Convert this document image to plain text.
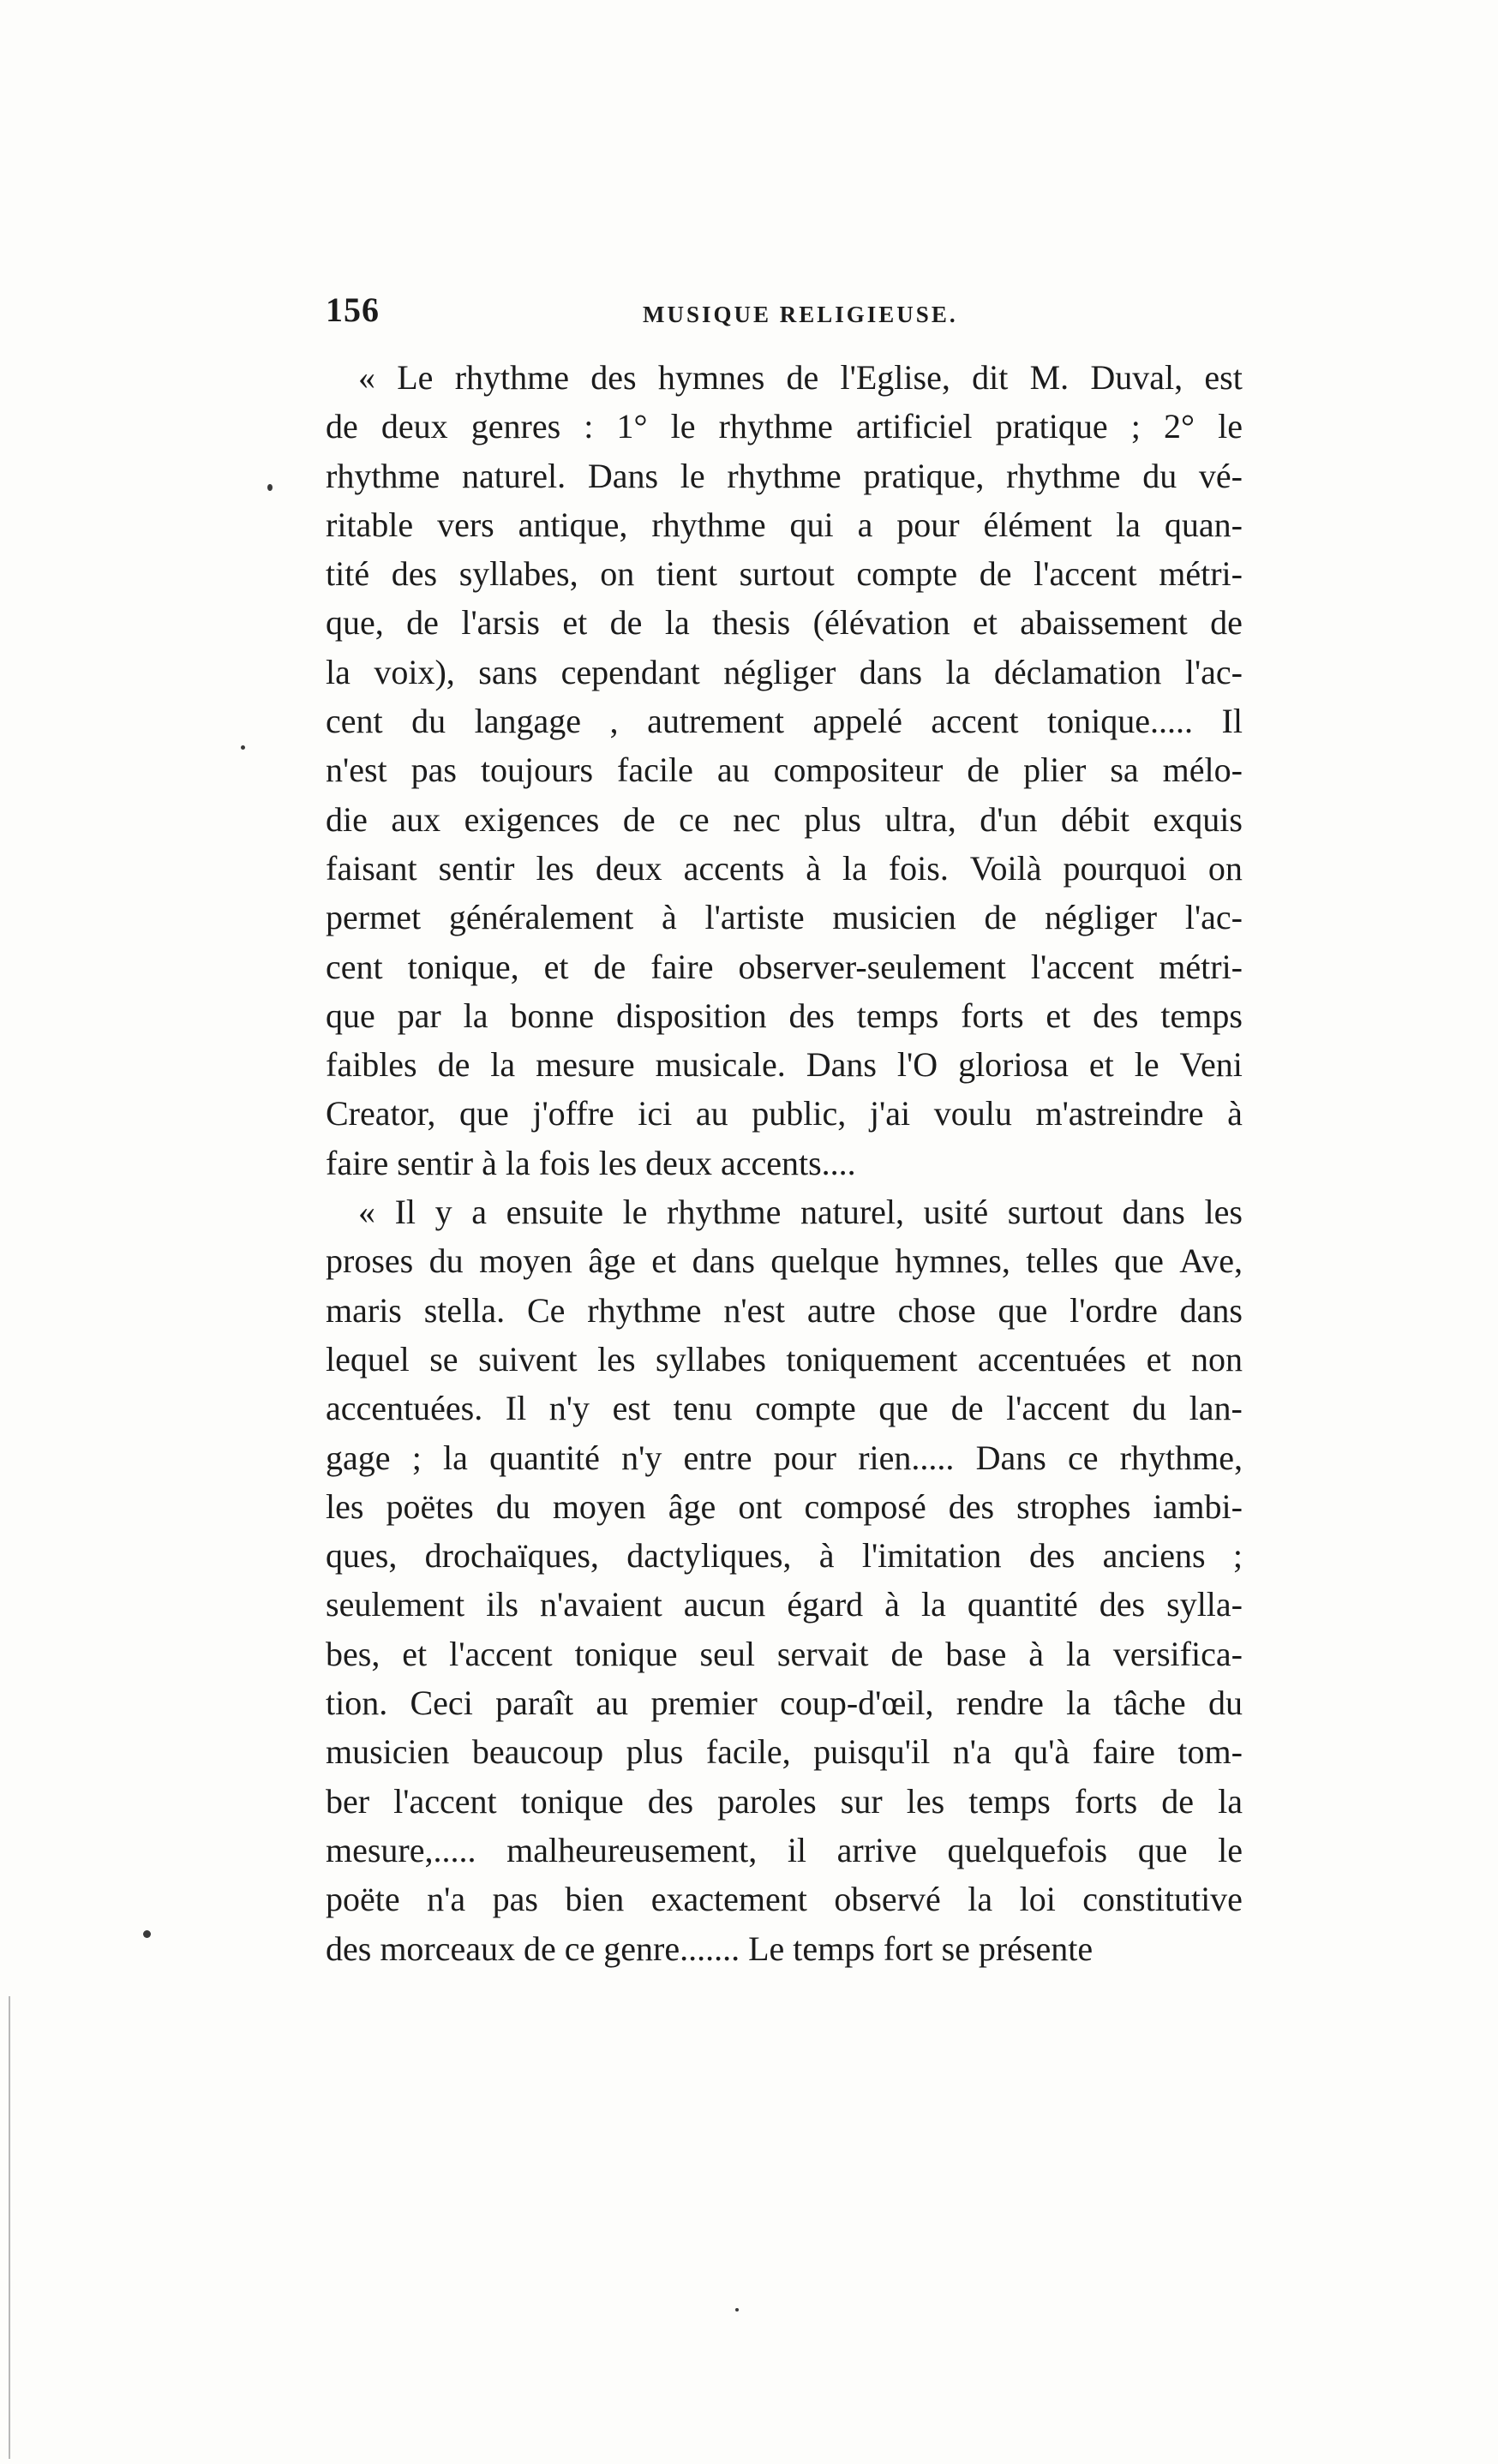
156	MUSIQUE RELIGIEUSE.
« Le rhythme des hymnes de l'Eglise, dit M. Duval, est
de deux genres : 1° le rhythme artificiel pratique ; 2° le
rhythme naturel. Dans le rhythme pratique, rhythme du vé-
ritable vers antique, rhythme qui a pour élément la quan-
tité des syllabes, on tient surtout compte de l'accent métri-
que, de l'arsis et de la thesis (élévation et abaissement de
la voix), sans cependant négliger dans la déclamation l'ac-
cent du langage , autrement appelé accent tonique..... Il
n'est pas toujours facile au compositeur de plier sa mélo-
die aux exigences de ce nec plus ultra, d'un débit exquis
faisant sentir les deux accents à la fois. Voilà pourquoi on
permet généralement à l'artiste musicien de négliger l'ac-
cent tonique, et de faire observer-seulement l'accent métri-
que par la bonne disposition des temps forts et des temps
faibles de la mesure musicale. Dans l'O gloriosa et le Veni
Creator, que j'offre ici au public, j'ai voulu m'astreindre à
faire sentir à la fois les deux accents....
« Il y a ensuite le rhythme naturel, usité surtout dans les
proses du moyen âge et dans quelque hymnes, telles que Ave,
maris stella. Ce rhythme n'est autre chose que l'ordre dans
lequel se suivent les syllabes toniquement accentuées et non
accentuées. Il n'y est tenu compte que de l'accent du lan-
gage ; la quantité n'y entre pour rien..... Dans ce rhythme,
les poëtes du moyen âge ont composé des strophes iambi-
ques, drochaïques, dactyliques, à l'imitation des anciens ;
seulement ils n'avaient aucun égard à la quantité des sylla-
bes, et l'accent tonique seul servait de base à la versifica-
tion. Ceci paraît au premier coup-d'œil, rendre la tâche du
musicien beaucoup plus facile, puisqu'il n'a qu'à faire tom-
ber l'accent tonique des paroles sur les temps forts de la
mesure,..... malheureusement, il arrive quelquefois que le
poëte n'a pas bien exactement observé la loi constitutive
des morceaux de ce genre....... Le temps fort se présente
